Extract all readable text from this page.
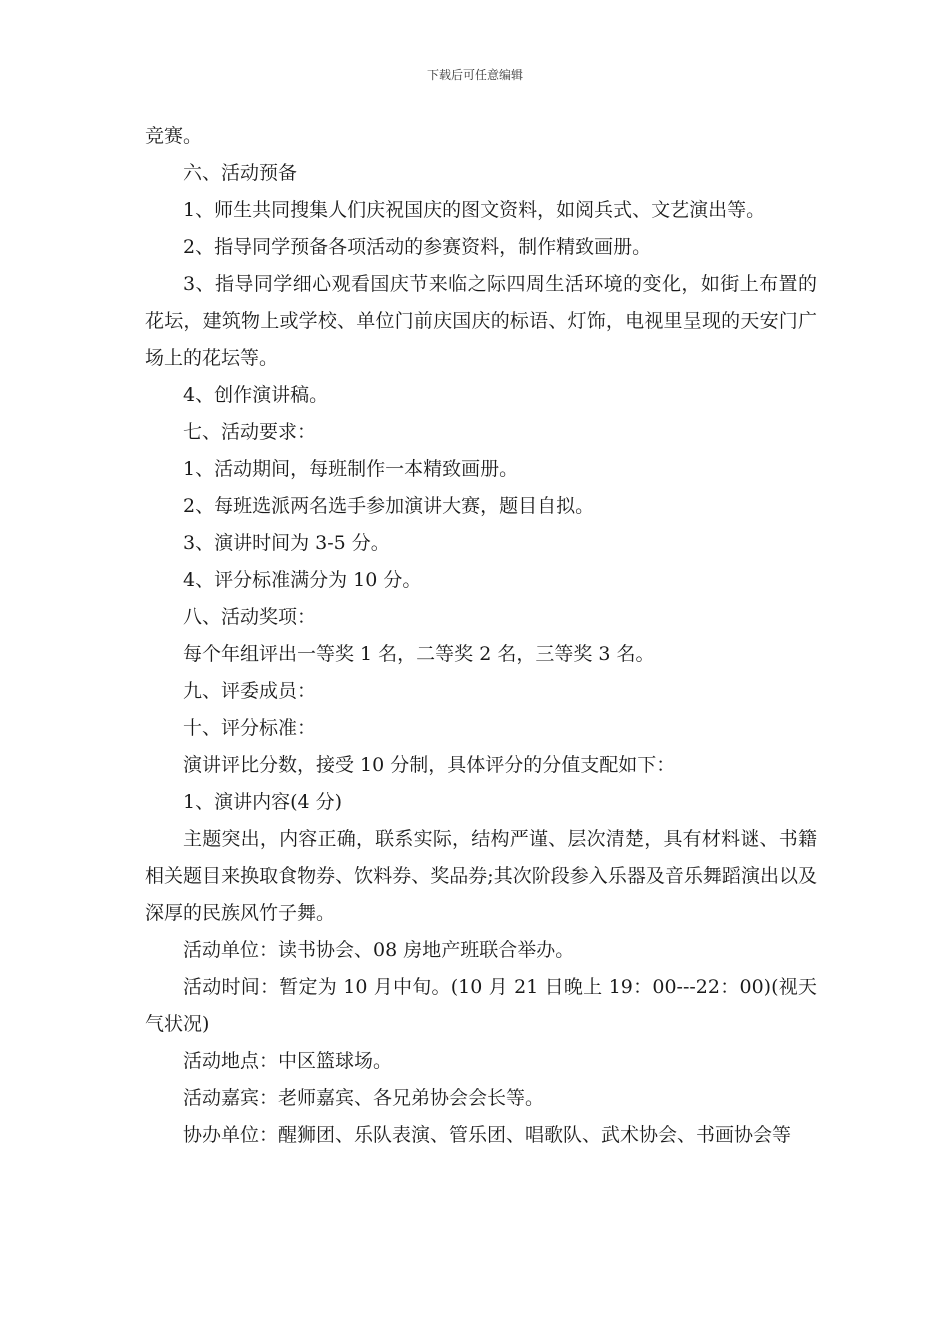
下载后可任意编辑

竞赛。

六、活动预备

1、师生共同搜集人们庆祝国庆的图文资料，如阅兵式、文艺演出等。

2、指导同学预备各项活动的参赛资料，制作精致画册。

3、指导同学细心观看国庆节来临之际四周生活环境的变化，如街上布置的花坛，建筑物上或学校、单位门前庆国庆的标语、灯饰，电视里呈现的天安门广场上的花坛等。

4、创作演讲稿。

七、活动要求：

1、活动期间，每班制作一本精致画册。

2、每班选派两名选手参加演讲大赛，题目自拟。

3、演讲时间为 3-5 分。

4、评分标准满分为 10 分。

八、活动奖项：

每个年组评出一等奖 1 名，二等奖 2 名，三等奖 3 名。

九、评委成员：

十、评分标准：

演讲评比分数，接受 10 分制，具体评分的分值支配如下：

1、演讲内容(4 分)

主题突出，内容正确，联系实际，结构严谨、层次清楚，具有材料谜、书籍相关题目来换取食物券、饮料券、奖品券;其次阶段参入乐器及音乐舞蹈演出以及深厚的民族风竹子舞。

活动单位：读书协会、08 房地产班联合举办。

活动时间：暂定为 10 月中旬。(10 月 21 日晚上 19：00---22：00)(视天气状况)

活动地点：中区篮球场。

活动嘉宾：老师嘉宾、各兄弟协会会长等。

协办单位：醒狮团、乐队表演、管乐团、唱歌队、武术协会、书画协会等
